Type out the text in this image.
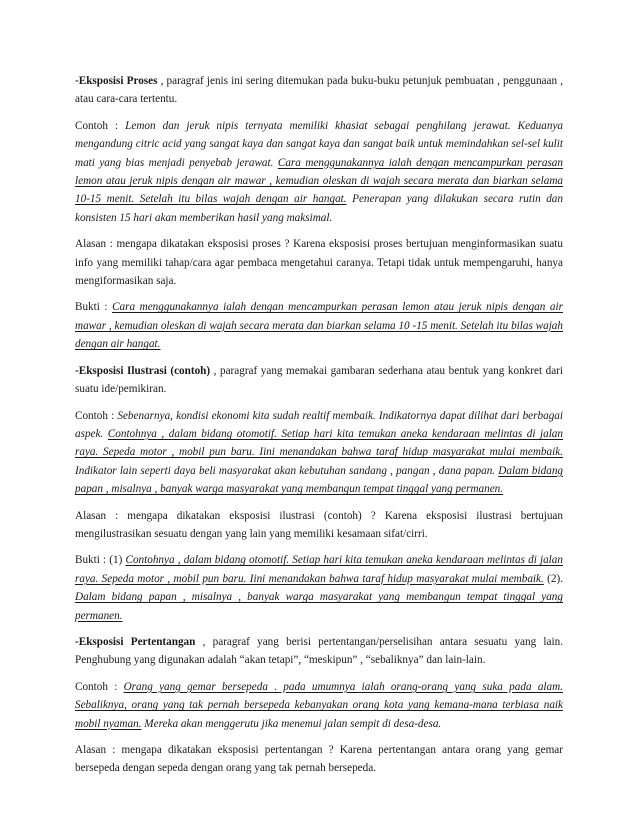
-Eksposisi Proses , paragraf jenis ini sering ditemukan pada buku-buku petunjuk pembuatan , penggunaan , atau cara-cara tertentu.

Contoh : Lemon dan jeruk nipis ternyata memiliki khasiat sebagai penghilang jerawat. Keduanya mengandung citric acid yang sangat kaya dan sangat kaya dan sangat baik untuk memindahkan sel-sel kulit mati yang bias menjadi penyebab jerawat. Cara menggunakannya ialah dengan mencampurkan perasan lemon atau jeruk nipis dengan air mawar , kemudian oleskan di wajah secara merata dan biarkan selama 10-15 menit. Setelah itu bilas wajah dengan air hangat. Penerapan yang dilakukan secara rutin dan konsisten 15 hari akan memberikan hasil yang maksimal.

Alasan : mengapa dikatakan eksposisi proses ? Karena eksposisi proses bertujuan menginformasikan suatu info yang memiliki tahap/cara agar pembaca mengetahui caranya. Tetapi tidak untuk mempengaruhi, hanya mengiformasikan saja.

Bukti : Cara menggunakannya ialah dengan mencampurkan perasan lemon atau jeruk nipis dengan air mawar , kemudian oleskan di wajah secara merata dan biarkan selama 10 -15 menit. Setelah itu bilas wajah dengan air hangat.

-Eksposisi Ilustrasi (contoh) , paragraf yang memakai gambaran sederhana atau bentuk yang konkret dari suatu ide/pemikiran.

Contoh : Sebenarnya, kondisi ekonomi kita sudah realtif membaik. Indikatornya dapat dilihat dari berbagai aspek. Contohnya , dalam bidang otomotif. Setiap hari kita temukan aneka kendaraan melintas di jalan raya. Sepeda motor , mobil pun baru. Iini menandakan bahwa taraf hidup masyarakat mulai membaik. Indikator lain seperti daya beli masyarakat akan kebutuhan sandang , pangan , dana papan. Dalam bidang papan , misalnya , banyak warga masyarakat yang membangun tempat tinggal yang permanen.

Alasan : mengapa dikatakan eksposisi ilustrasi (contoh) ? Karena eksposisi ilustrasi bertujuan mengilustrasikan sesuatu dengan yang lain yang memiliki kesamaan sifat/cirri.

Bukti : (1) Contohnya , dalam bidang otomotif. Setiap hari kita temukan aneka kendaraan melintas di jalan raya. Sepeda motor , mobil pun baru. Iini menandakan bahwa taraf hidup masyarakat mulai membaik. (2). Dalam bidang papan , misalnya , banyak warga masyarakat yang membangun tempat tinggal yang permanen.

-Eksposisi Pertentangan , paragraf yang berisi pertentangan/perselisihan antara sesuatu yang lain. Penghubung yang digunakan adalah “akan tetapi”, “meskipun” , “sebaliknya” dan lain-lain.

Contoh : Orang yang gemar bersepeda . pada umumnya ialah orang-orang yang suka pada alam. Sebaliknya, orang yang tak pernah bersepeda kebanyakan orang kota yang kemana-mana terbiasa naik mobil nyaman. Mereka akan menggerutu jika menemui jalan sempit di desa-desa.

Alasan : mengapa dikatakan eksposisi pertentangan ? Karena pertentangan antara orang yang gemar bersepeda dengan sepeda dengan orang yang tak pernah bersepeda.
